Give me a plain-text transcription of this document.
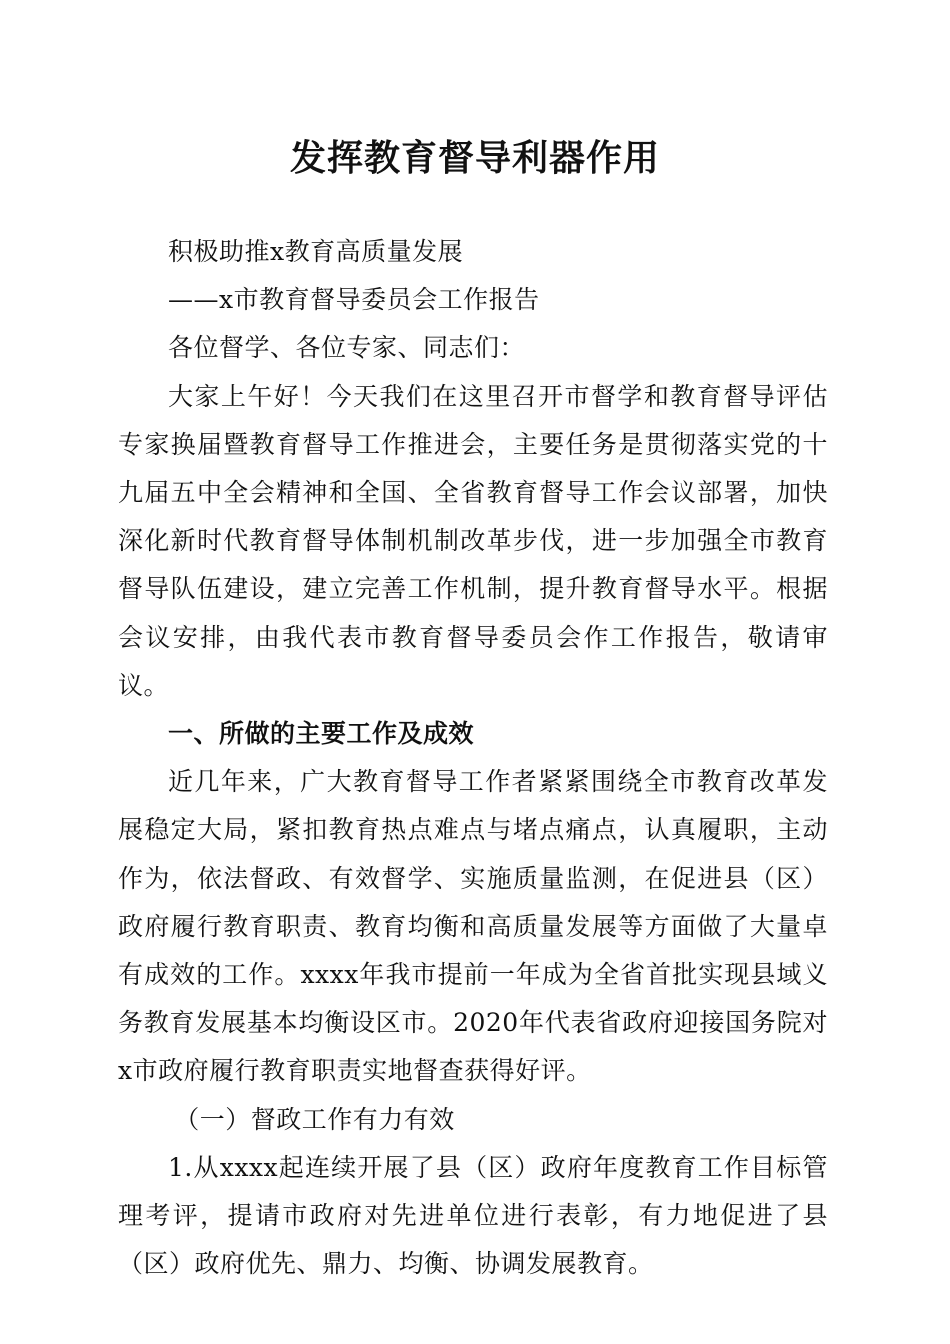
发挥教育督导利器作用

积极助推x教育高质量发展

——x市教育督导委员会工作报告

各位督学、各位专家、同志们：

大家上午好！今天我们在这里召开市督学和教育督导评估专家换届暨教育督导工作推进会，主要任务是贯彻落实党的十九届五中全会精神和全国、全省教育督导工作会议部署，加快深化新时代教育督导体制机制改革步伐，进一步加强全市教育督导队伍建设，建立完善工作机制，提升教育督导水平。根据会议安排，由我代表市教育督导委员会作工作报告，敬请审议。

一、所做的主要工作及成效

近几年来，广大教育督导工作者紧紧围绕全市教育改革发展稳定大局，紧扣教育热点难点与堵点痛点，认真履职，主动作为，依法督政、有效督学、实施质量监测，在促进县（区）政府履行教育职责、教育均衡和高质量发展等方面做了大量卓有成效的工作。xxxx年我市提前一年成为全省首批实现县域义务教育发展基本均衡设区市。2020年代表省政府迎接国务院对x市政府履行教育职责实地督查获得好评。

（一）督政工作有力有效

1.从xxxx起连续开展了县（区）政府年度教育工作目标管理考评，提请市政府对先进单位进行表彰，有力地促进了县（区）政府优先、鼎力、均衡、协调发展教育。
